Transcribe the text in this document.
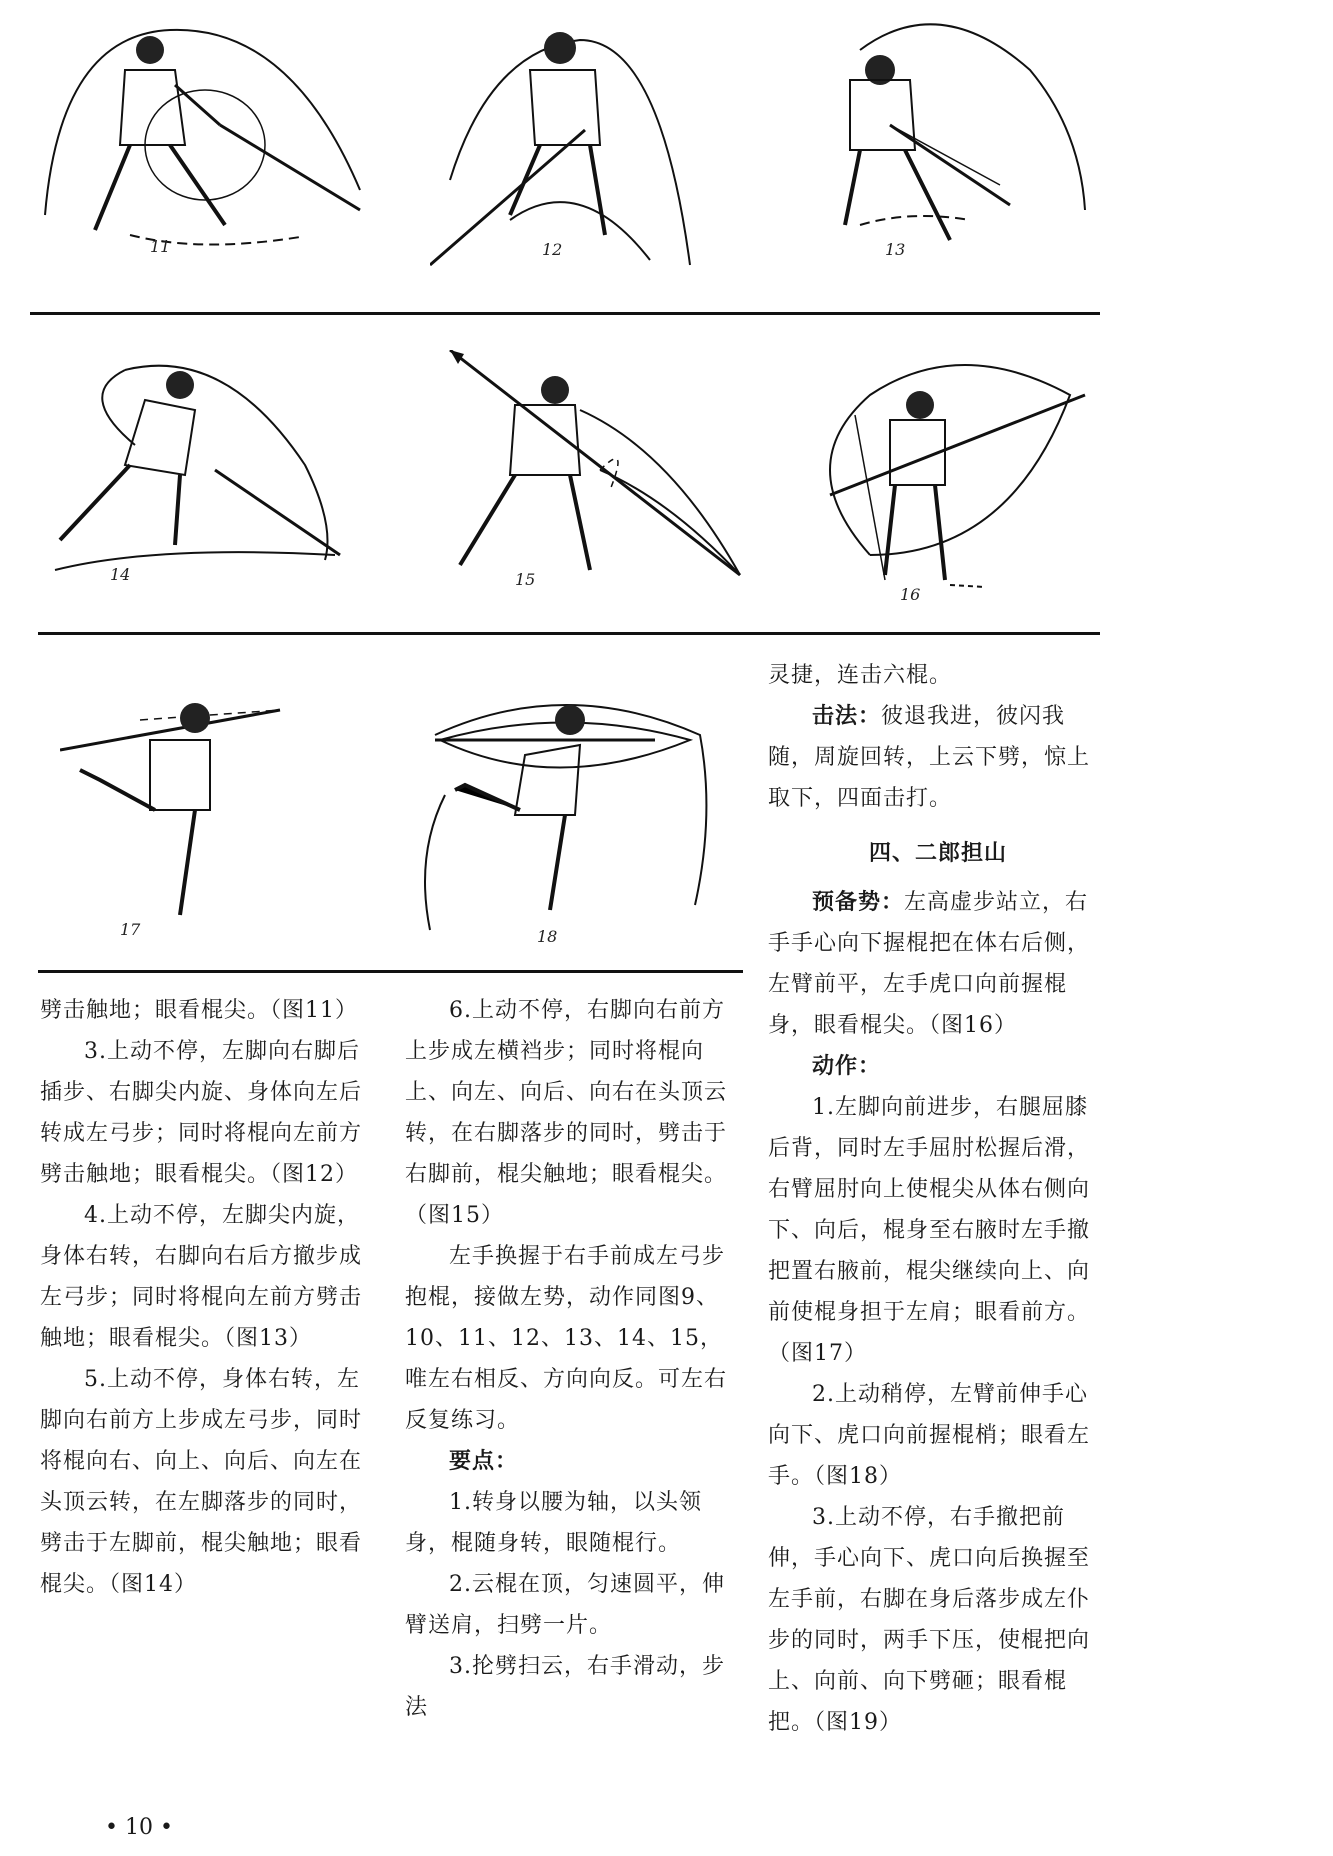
11	12	13
14	15
16
17	18

劈击触地；眼看棍尖。（图11）

3.上动不停，左脚向右脚后插步、右脚尖内旋、身体向左后转成左弓步；同时将棍向左前方劈击触地；眼看棍尖。（图12）

4.上动不停，左脚尖内旋，身体右转，右脚向右后方撤步成左弓步；同时将棍向左前方劈击触地；眼看棍尖。（图13）

5.上动不停，身体右转，左脚向右前方上步成左弓步，同时将棍向右、向上、向后、向左在头顶云转，在左脚落步的同时，劈击于左脚前，棍尖触地；眼看棍尖。（图14）

6.上动不停，右脚向右前方上步成左横裆步；同时将棍向上、向左、向后、向右在头顶云转，在右脚落步的同时，劈击于右脚前，棍尖触地；眼看棍尖。（图15）

左手换握于右手前成左弓步抱棍，接做左势，动作同图9、10、11、12、13、14、15，唯左右相反、方向向反。可左右反复练习。

要点：

1.转身以腰为轴，以头领身，棍随身转，眼随棍行。

2.云棍在顶，匀速圆平，伸臂送肩，扫劈一片。

3.抡劈扫云，右手滑动，步法

灵捷，连击六棍。

击法：彼退我进，彼闪我随，周旋回转，上云下劈，惊上取下，四面击打。

四、二郎担山

预备势：左高虚步站立，右手手心向下握棍把在体右后侧，左臂前平，左手虎口向前握棍身，眼看棍尖。（图16）

动作：

1.左脚向前进步，右腿屈膝后背，同时左手屈肘松握后滑，右臂屈肘向上使棍尖从体右侧向下、向后，棍身至右腋时左手撤把置右腋前，棍尖继续向上、向前使棍身担于左肩；眼看前方。（图17）

2.上动稍停，左臂前伸手心向下、虎口向前握棍梢；眼看左手。（图18）

3.上动不停，右手撤把前伸，手心向下、虎口向后换握至左手前，右脚在身后落步成左仆步的同时，两手下压，使棍把向上、向前、向下劈砸；眼看棍把。（图19）

• 10 •
